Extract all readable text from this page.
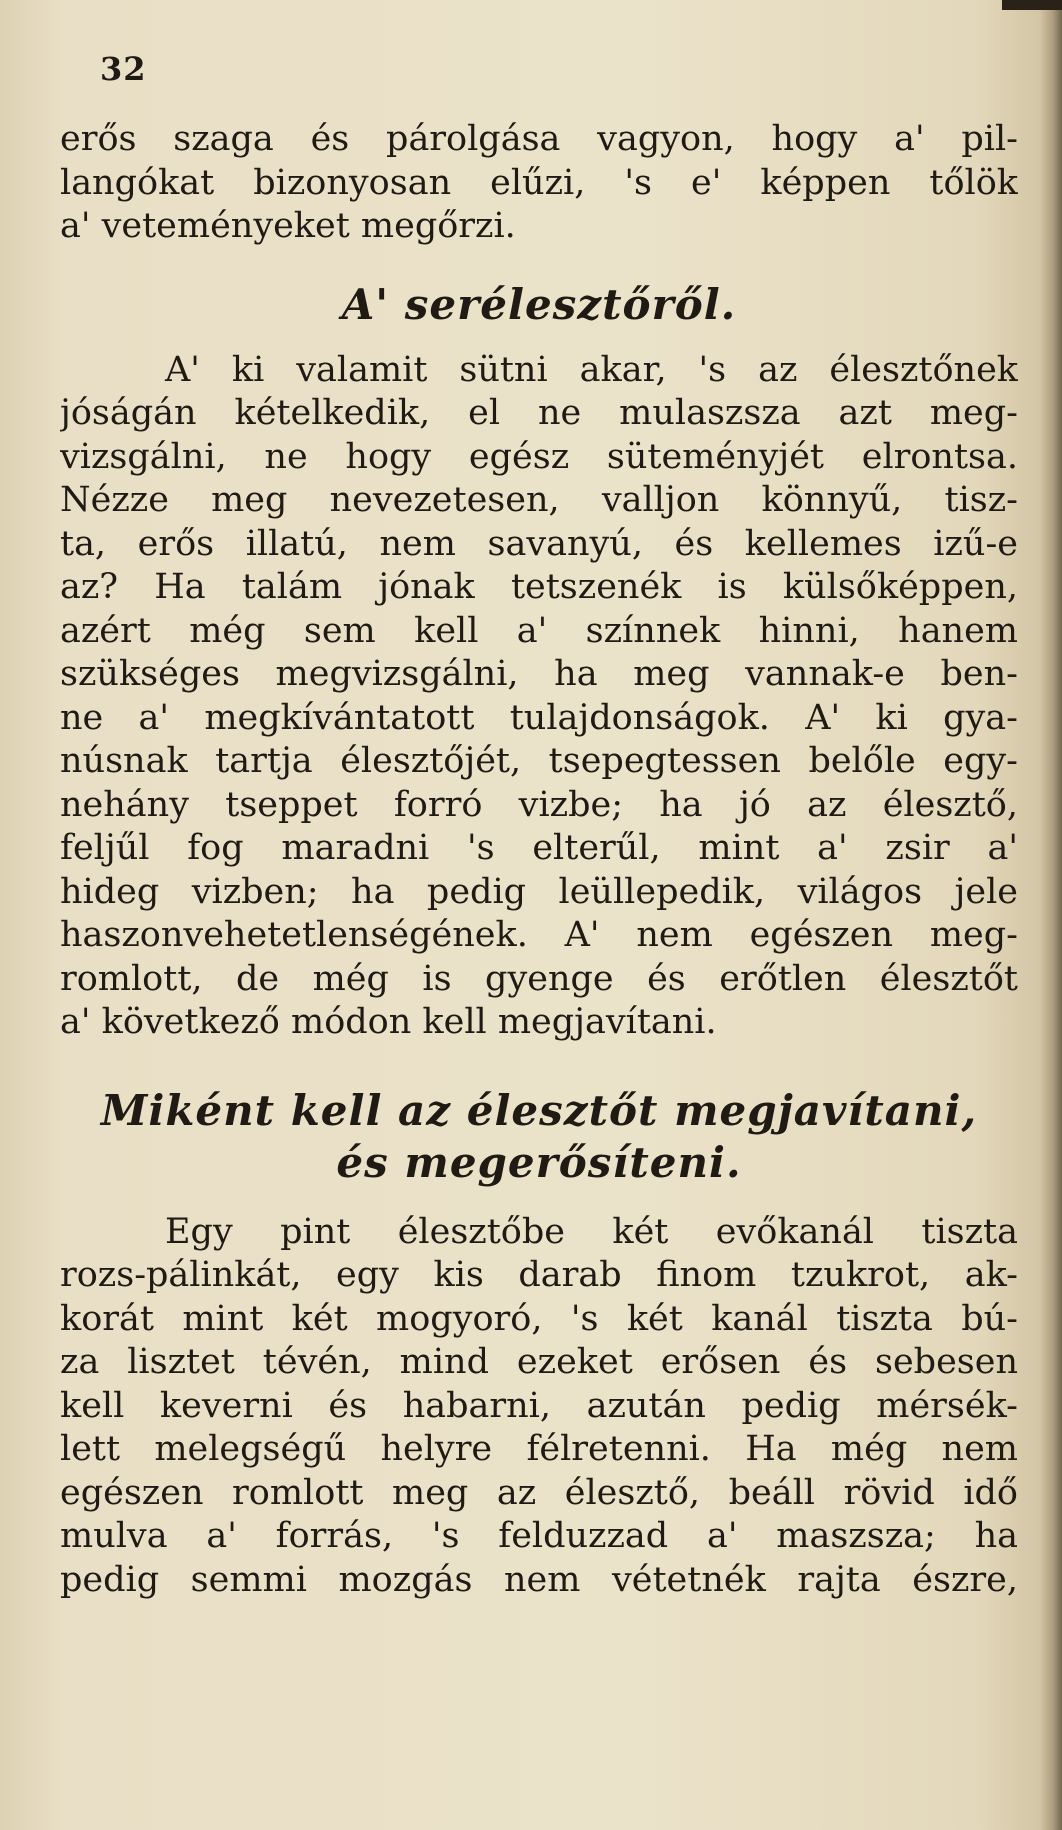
32
erős szaga és párolgása vagyon, hogy a' pil-
langókat bizonyosan elűzi, 's e' képpen tőlök
a' veteményeket megőrzi.
A' serélesztőről.
A' ki valamit sütni akar, 's az élesztőnek
jóságán kételkedik, el ne mulaszsza azt meg-
vizsgálni, ne hogy egész süteményjét elrontsa.
Nézze meg nevezetesen, valljon könnyű, tisz-
ta, erős illatú, nem savanyú, és kellemes izű-e
az? Ha talám jónak tetszenék is külsőképpen,
azért még sem kell a' színnek hinni, hanem
szükséges megvizsgálni, ha meg vannak-e ben-
ne a' megkívántatott tulajdonságok. A' ki gya-
núsnak tartja élesztőjét, tsepegtessen belőle egy-
nehány tseppet forró vizbe; ha jó az élesztő,
feljűl fog maradni 's elterűl, mint a' zsir a'
hideg vizben; ha pedig leüllepedik, világos jele
haszonvehetetlenségének. A' nem egészen meg-
romlott, de még is gyenge és erőtlen élesztőt
a' következő módon kell megjavítani.
Miként kell az élesztőt megjavítani,
és megerősíteni.
Egy pint élesztőbe két evőkanál tiszta
rozs-pálinkát, egy kis darab finom tzukrot, ak-
korát mint két mogyoró, 's két kanál tiszta bú-
za lisztet tévén, mind ezeket erősen és sebesen
kell keverni és habarni, azután pedig mérsék-
lett melegségű helyre félretenni. Ha még nem
egészen romlott meg az élesztő, beáll rövid idő
mulva a' forrás, 's felduzzad a' maszsza; ha
pedig semmi mozgás nem vétetnék rajta észre,
